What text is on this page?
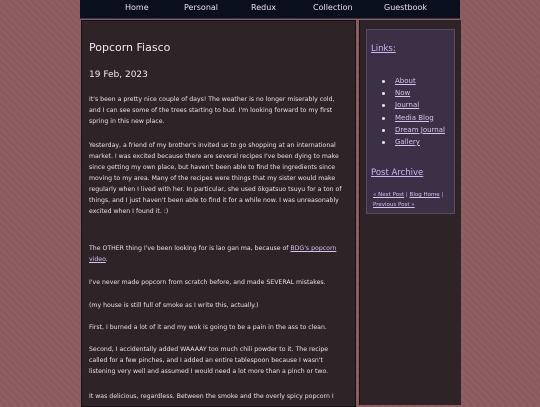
Home	Personal	Redux	Collection	Guestbook
Popcorn Fiasco
19 Feb, 2023

It's been a pretty nice couple of days! The weather is no longer miserably cold, and I can see some of the trees starting to bud. I'm looking forward to my first spring in this new place.

Yesterday, a friend of my brother's invited us to go shopping at an international market. I was excited because there are several recipes I've been dying to make since getting my own place, but haven't been able to find the ingredients since moving to my area. Many of the recipes were things that my sister would make regularly when I lived with her. In particular, she used ōkgatsuo tsuyu for a ton of things, and I just haven't been able to find it for a while now. I was unreasonably excited when I found it. :)

The OTHER thing I've been looking for is lao gan ma, because of BDG's popcorn video.

I've never made popcorn from scratch before, and made SEVERAL mistakes.

(my house is still full of smoke as I write this, actually.)

First, I burned a lot of it and my wok is going to be a pain in the ass to clean.

Second, I accidentally added WAAAAY too much chili powder to it. The recipe called for a few pinches, and I added an entire tablespoon because I wasn't listening very well and assumed I would need a lot more than a pinch or two.

It was delicious, regardless. Between the smoke and the overly spicy popcorn I

Links:
About
Now
Journal
Media Blog
Dream Journal
Gallery
Post Archive

« Next Post | Blog Home | Previous Post »
